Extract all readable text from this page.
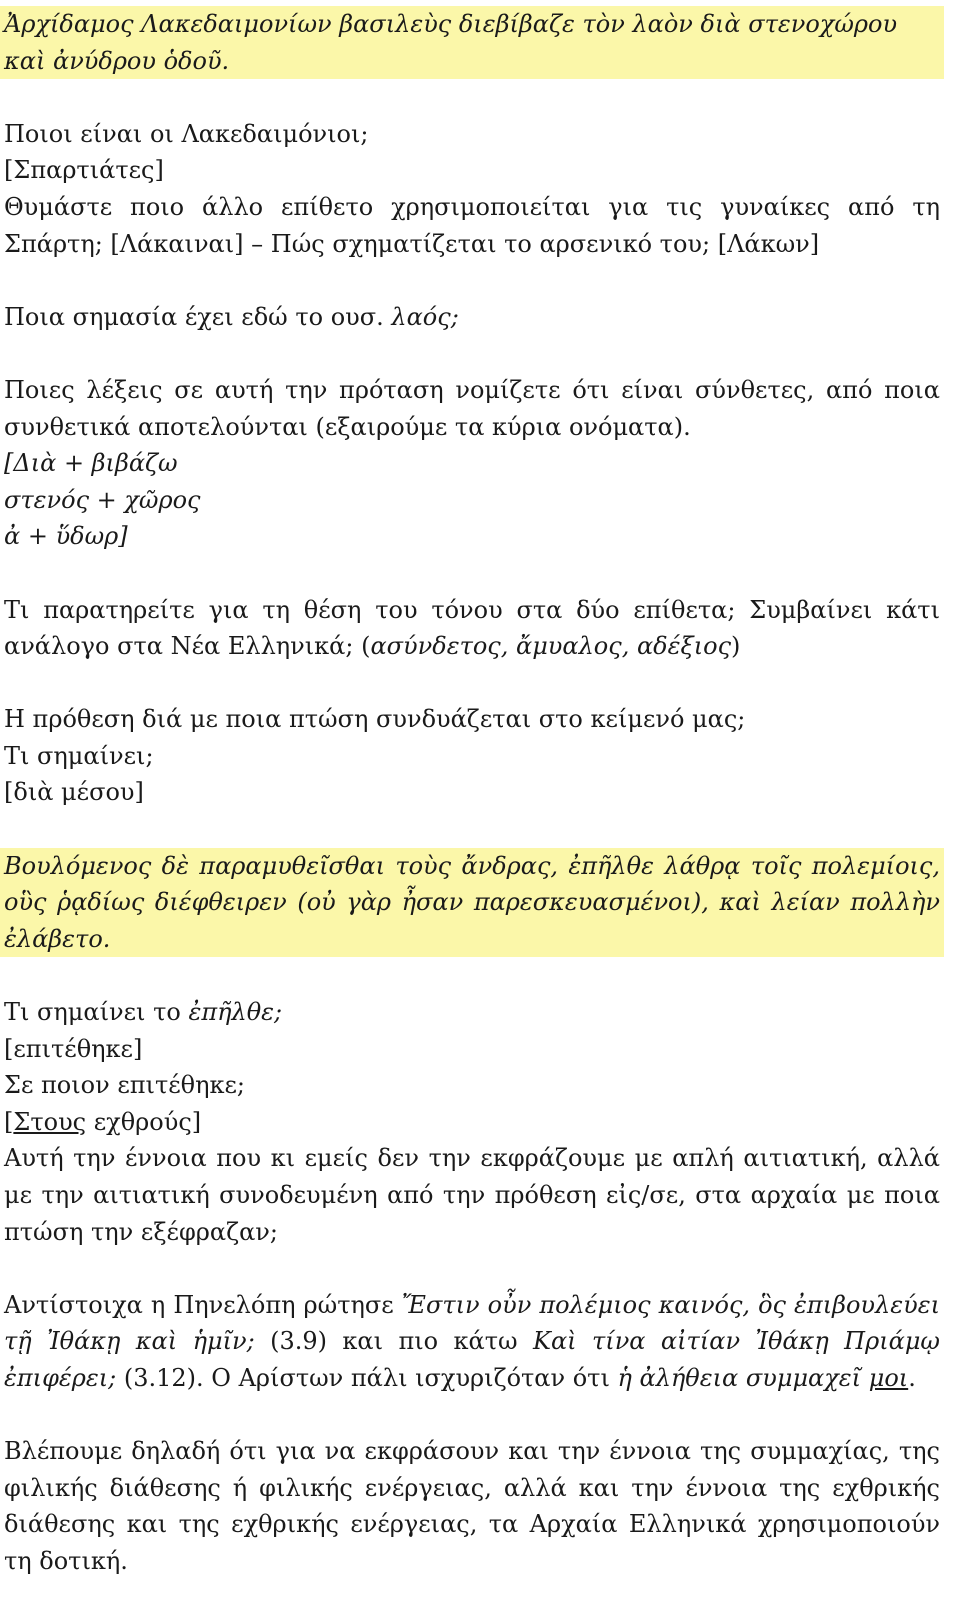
Ἀρχίδαμος Λακεδαιμονίων βασιλεὺς διεβίβαζε τὸν λαὸν διὰ στενοχώρου καὶ ἀνύδρου ὁδοῦ.

Ποιοι είναι οι Λακεδαιμόνιοι;

[Σπαρτιάτες]

Θυμάστε ποιο άλλο επίθετο χρησιμοποιείται για τις γυναίκες από τη Σπάρτη; [Λάκαιναι] – Πώς σχηματίζεται το αρσενικό του; [Λάκων]

Ποια σημασία έχει εδώ το ουσ. λαός;

Ποιες λέξεις σε αυτή την πρόταση νομίζετε ότι είναι σύνθετες, από ποια συνθετικά αποτελούνται (εξαιρούμε τα κύρια ονόματα).

[Διὰ + βιβάζω

στενός + χῶρος

ἀ + ὕδωρ]

Τι παρατηρείτε για τη θέση του τόνου στα δύο επίθετα; Συμβαίνει κάτι ανάλογο στα Νέα Ελληνικά; (ασύνδετος, ἄμυαλος, αδέξιος)

Η πρόθεση διά με ποια πτώση συνδυάζεται στο κείμενό μας;

Τι σημαίνει;

[διὰ μέσου]

Βουλόμενος δὲ παραμυθεῖσθαι τοὺς ἄνδρας, ἐπῆλθε λάθρᾳ τοῖς πολεμίοις, οὓς ῥᾳδίως διέφθειρεν (οὐ γὰρ ἦσαν παρεσκευασμένοι), καὶ λείαν πολλὴν ἐλάβετο.

Τι σημαίνει το ἐπῆλθε;

[επιτέθηκε]

Σε ποιον επιτέθηκε;

[Στους εχθρούς]

Αυτή την έννοια που κι εμείς δεν την εκφράζουμε με απλή αιτιατική, αλλά με την αιτιατική συνοδευμένη από την πρόθεση εἰς/σε, στα αρχαία με ποια πτώση την εξέφραζαν;

Αντίστοιχα η Πηνελόπη ρώτησε Ἔστιν οὖν πολέμιος καινός, ὃς ἐπιβουλεύει τῇ Ἰθάκῃ καὶ ἡμῖν; (3.9) και πιο κάτω Καὶ τίνα αἰτίαν Ἰθάκῃ Πριάμῳ ἐπιφέρει; (3.12). Ο Αρίστων πάλι ισχυριζόταν ότι ἡ ἀλήθεια συμμαχεῖ μοι.

Βλέπουμε δηλαδή ότι για να εκφράσουν και την έννοια της συμμαχίας, της φιλικής διάθεσης ή φιλικής ενέργειας, αλλά και την έννοια της εχθρικής διάθεσης και της εχθρικής ενέργειας, τα Αρχαία Ελληνικά χρησιμοποιούν τη δοτική.
